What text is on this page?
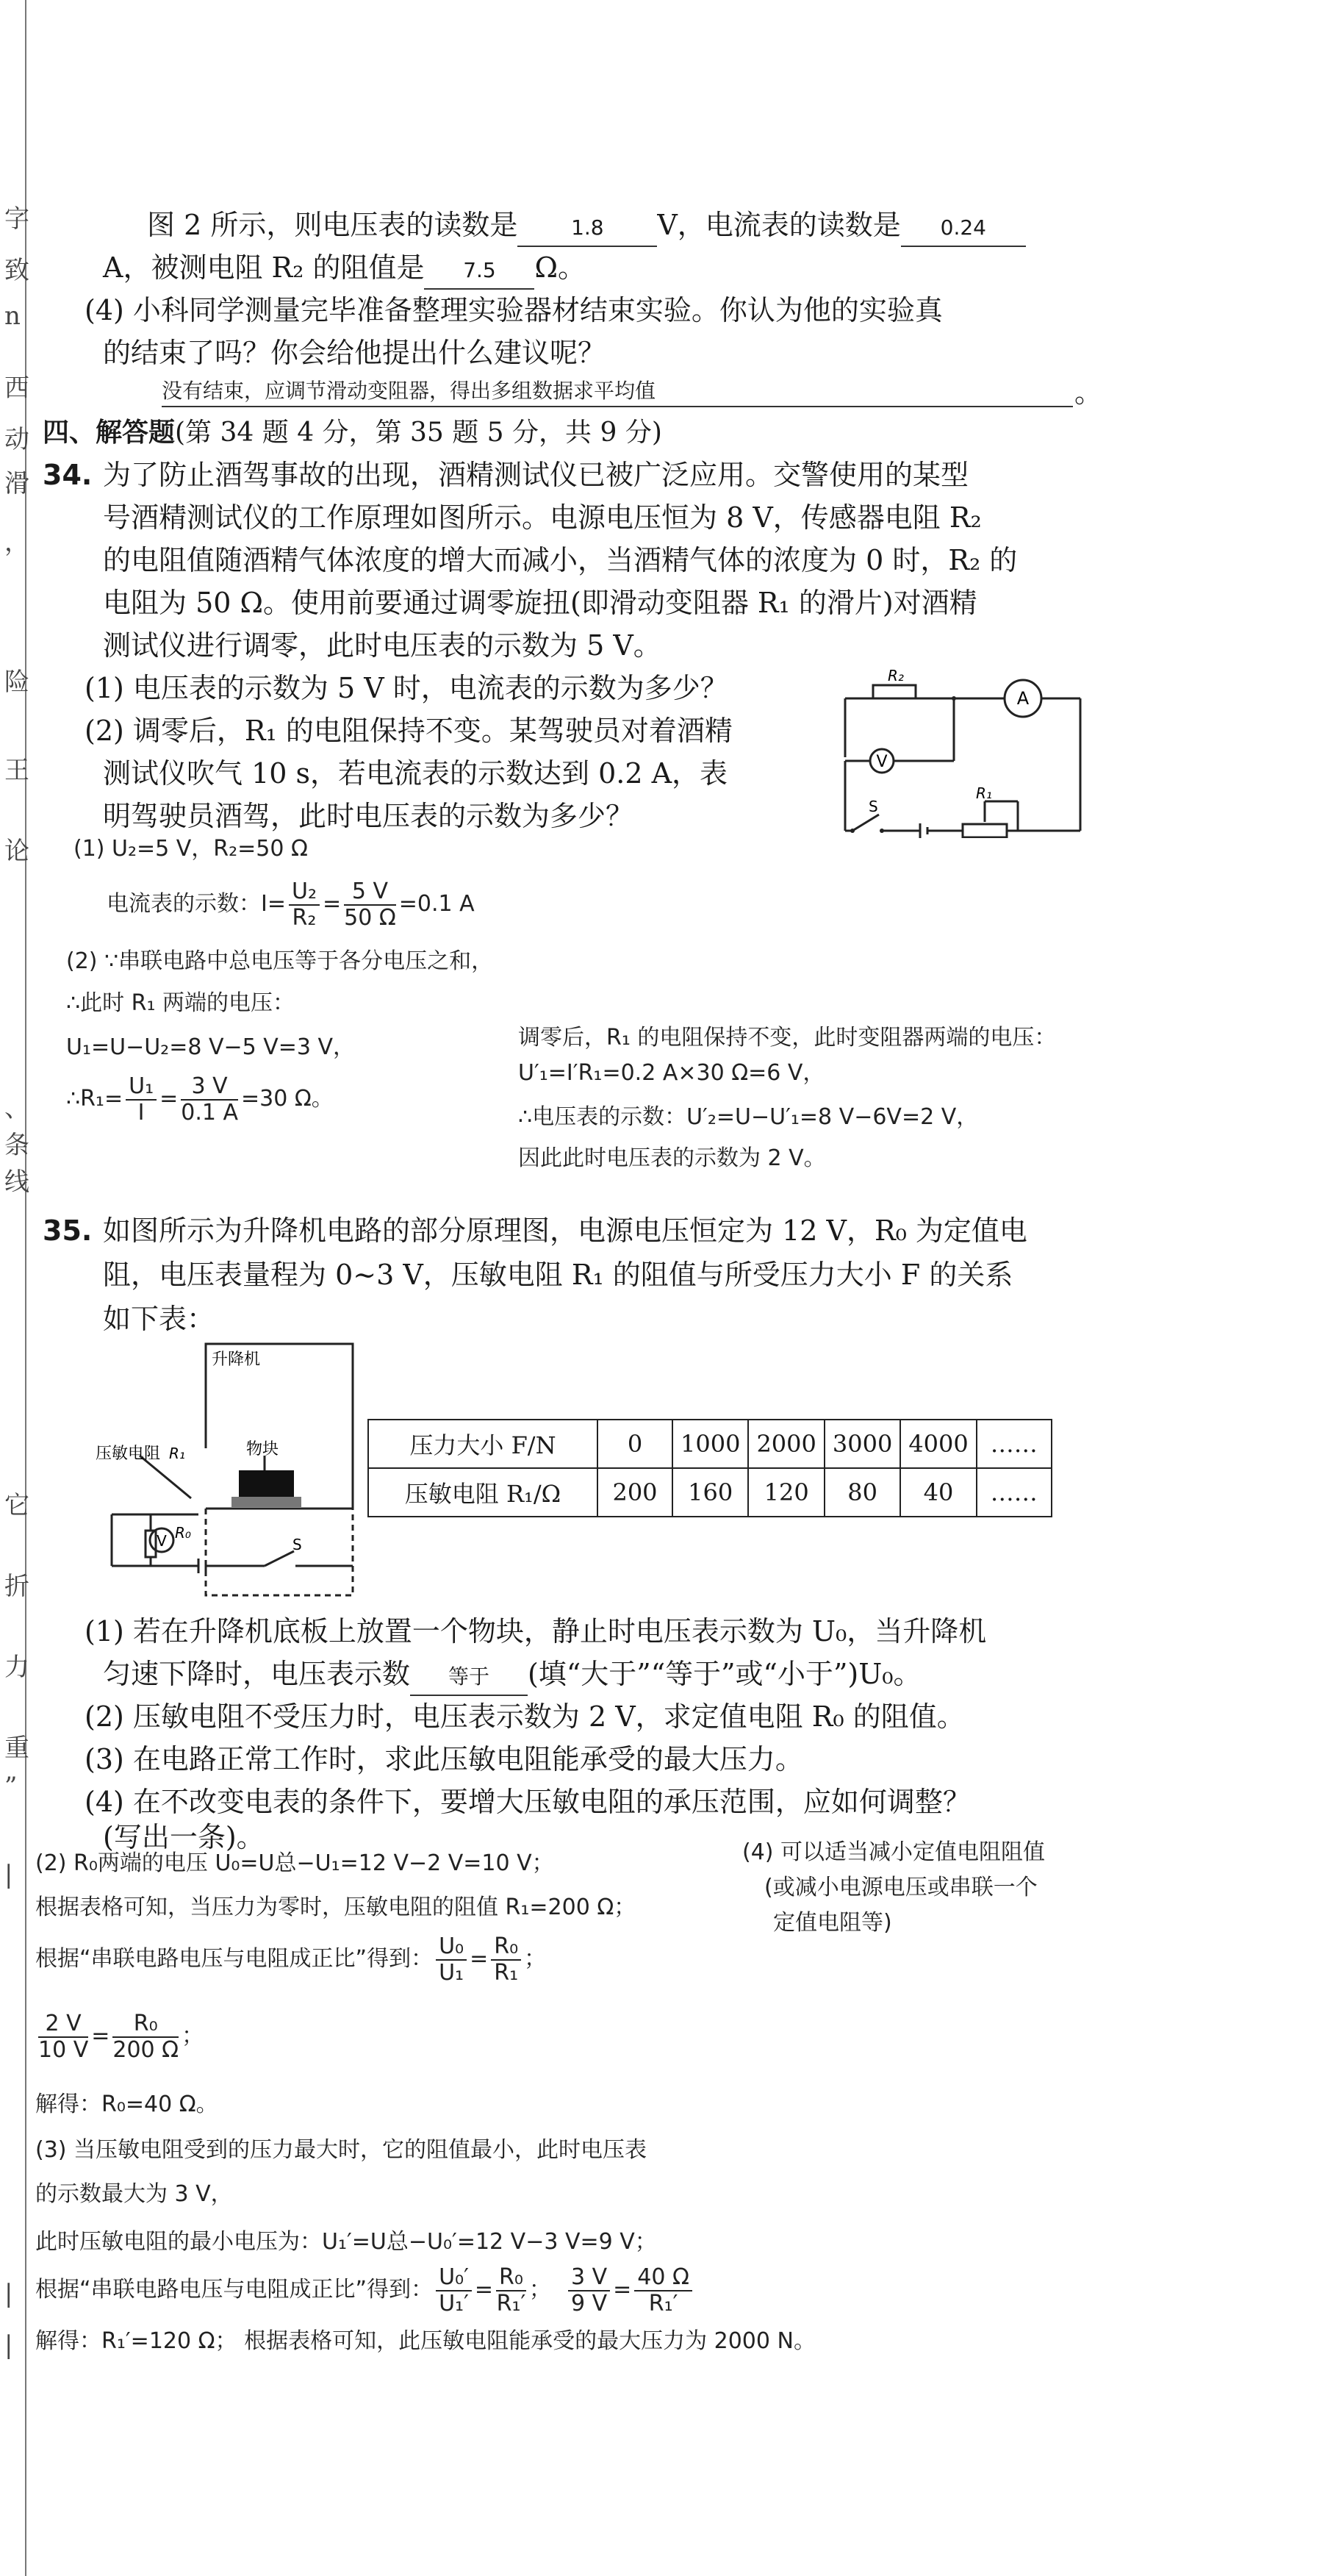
字
致
n
西
动
滑
，
险
王
论
、
条
线
它
折
力
重
”
|
|
|
图 2 所示，则电压表的读数是	1.8 V，电流表的读数是 0.24
A，被测电阻 R₂ 的阻值是 7.5 Ω。
(4) 小科同学测量完毕准备整理实验器材结束实验。你认为他的实验真
的结束了吗？你会给他提出什么建议呢？
没有结束，应调节滑动变阻器，得出多组数据求平均值	。
四、解答题(第 34 题 4 分，第 35 题 5 分，共 9 分)
34. 为了防止酒驾事故的出现，酒精测试仪已被广泛应用。交警使用的某型
号酒精测试仪的工作原理如图所示。电源电压恒为 8 V，传感器电阻 R₂
的电阻值随酒精气体浓度的增大而减小，当酒精气体的浓度为 0 时，R₂ 的
电阻为 50 Ω。使用前要通过调零旋扭(即滑动变阻器 R₁ 的滑片)对酒精
测试仪进行调零，此时电压表的示数为 5 V。
(1) 电压表的示数为 5 V 时，电流表的示数为多少？
(2) 调零后，R₁ 的电阻保持不变。某驾驶员对着酒精
测试仪吹气 10 s，若电流表的示数达到 0.2 A，表
明驾驶员酒驾，此时电压表的示数为多少？
R₂
A
V
S
R₁
(1) U₂=5 V，R₂=50 Ω
电流表的示数：$I= \frac{\text{U₂}}{\text{R₂}} = \frac{5 V}{50 \Omega} =0.1$ A
(2) ∵串联电路中总电压等于各分电压之和，
∴此时 R₁ 两端的电压：
U₁=U−U₂=8 V−5 V=3 V，
∴R₁= $\frac{\text{U₁}}{I} = \frac{3 V}{0.1 A} =30$ Ω。
调零后，R₁ 的电阻保持不变，此时变阻器两端的电压：
U′₁=I′R₁=0.2 A×30 Ω=6 V，
∴电压表的示数：U′₂=U−U′₁=8 V−6V=2 V，
因此此时电压表的示数为 2 V。
35. 如图所示为升降机电路的部分原理图，电源电压恒定为 12 V，R₀ 为定值电
阻，电压表量程为 0~3 V，压敏电阻 R₁ 的阻值与所受压力大小 F 的关系
如下表：
升降机
压敏电阻 R₁	物块
V R₀
S
压力大小 F/N	0	1000	2000	3000	4000	……
压敏电阻 R₁/Ω	200	160	120	80	40	……
(1) 若在升降机底板上放置一个物块，静止时电压表示数为 U₀，当升降机
匀速下降时，电压表示数 等于 (填“大于”“等于”或“小于”)U₀。
(2) 压敏电阻不受压力时，电压表示数为 2 V，求定值电阻 R₀ 的阻值。
(3) 在电路正常工作时，求此压敏电阻能承受的最大压力。
(4) 在不改变电表的条件下，要增大压敏电阻的承压范围，应如何调整？
(写出一条)。
(2) R₀两端的电压 U₀=U总−U₁=12 V−2 V=10 V；
根据表格可知，当压力为零时，压敏电阻的阻值 R₁=200 Ω；
根据“串联电路电压与电阻成正比”得到： $\frac{\text{U₀}}{\text{U₁}} = \frac{\text{R₀}}{\text{R₁}}$ ；
$\frac{2 V}{10 V} = \frac{\text{R₀}}{200 \Omega}$ ；
解得：R₀=40 Ω。
(4) 可以适当减小定值电阻阻值
(或减小电源电压或串联一个
定值电阻等)
(3) 当压敏电阻受到的压力最大时，它的阻值最小，此时电压表
的示数最大为 3 V，
此时压敏电阻的最小电压为：U₁′=U总−U₀′=12 V−3 V=9 V；
根据“串联电路电压与电阻成正比”得到： $\frac{\text{U₀′}}{\text{U₁′}} = \frac{\text{R₀}}{\text{R₁′}}$ ； $\frac{3 V}{9 V} = \frac{40 \Omega}{\text{R₁′}}$
解得：R₁′=120 Ω； 根据表格可知，此压敏电阻能承受的最大压力为 2000 N。
